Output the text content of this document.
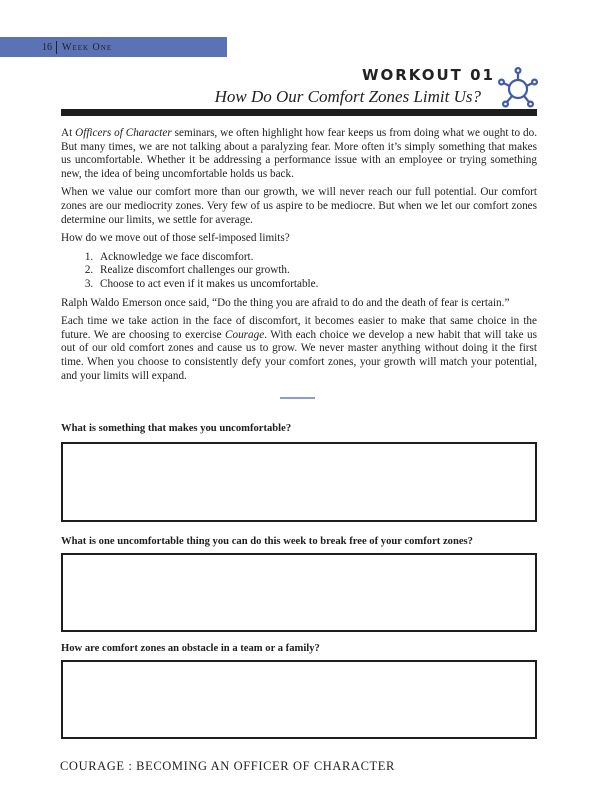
16 Week One
WORKOUT 01
How Do Our Comfort Zones Limit Us?

At Officers of Character seminars, we often highlight how fear keeps us from doing what we ought to do. But many times, we are not talking about a paralyzing fear. More often it’s simply something that makes us uncomfortable. Whether it be addressing a performance issue with an employee or trying something new, the idea of being uncomfortable holds us back.

When we value our comfort more than our growth, we will never reach our full potential. Our comfort zones are our mediocrity zones. Very few of us aspire to be mediocre. But when we let our comfort zones determine our limits, we settle for average.

How do we move out of those self-imposed limits?

1. Acknowledge we face discomfort.
2. Realize discomfort challenges our growth.
3. Choose to act even if it makes us uncomfortable.

Ralph Waldo Emerson once said, “Do the thing you are afraid to do and the death of fear is certain.”

Each time we take action in the face of discomfort, it becomes easier to make that same choice in the future. We are choosing to exercise Courage. With each choice we develop a new habit that will take us out of our old comfort zones and cause us to grow. We never master anything without doing it the first time. When you choose to consistently defy your comfort zones, your growth will match your potential, and your limits will expand.

What is something that makes you uncomfortable?
What is one uncomfortable thing you can do this week to break free of your comfort zones?
How are comfort zones an obstacle in a team or a family?
COURAGE : BECOMING AN OFFICER OF CHARACTER
